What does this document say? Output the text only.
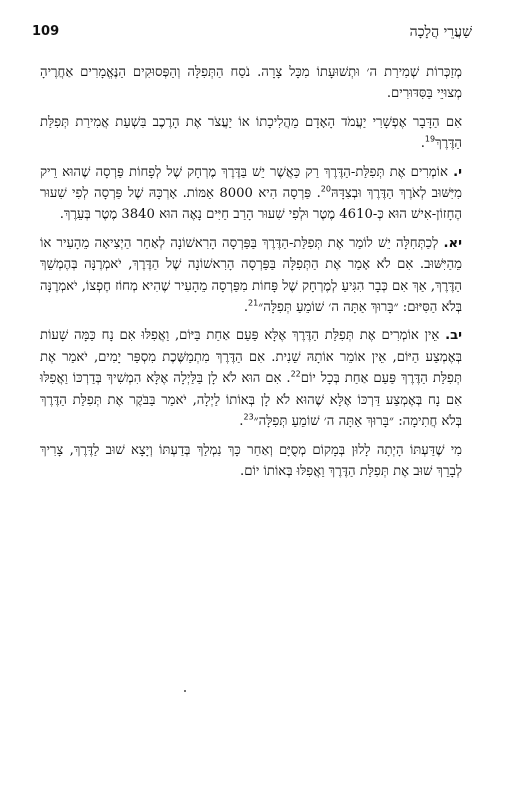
109	שַׁעֲרֵי הֲלָכָה

מְזַכְּרוֹת שְׁמִירַת ה׳ וּתְשׁוּעָתוֹ מִכָּל צָרָה. נֹסַח הַתְּפִלָּה וְהַפְּסוּקִים הַנֶּאֱמָרִים אַחֲרֶיהָ מְצוּיֵי בַּסִּדּוּרִים.

אִם הַדָּבָר אֶפְשָׁרִי יַעֲמֹד הָאָדָם מֵהֲלִיכָתוֹ אוֹ יַעֲצֹר אֶת הָרֶכֶב בִּשְׁעַת אֲמִירַת תְּפִלַּת הַדֶּרֶךְ$^{19}$.

י. אוֹמְרִים אֶת תְּפִלַּת-הַדֶּרֶךְ רַק כַּאֲשֶׁר יֵשׁ בַּדֶּרֶךְ מֶרְחָק שֶׁל לְפָחוֹת פַּרְסָה שֶׁהוּא רֵיק מִיִּשּׁוּב לְאֹרֶךְ הַדֶּרֶךְ וּבְצִדָּהּ$^{20}$. פַּרְסָה הִיא 8000 אַמּוֹת. אָרְכָּהּ שֶׁל פַּרְסָה לְפִי שִׁעוּר הֶחָזוֹן-אִישׁ הוּא כְּ-4610 מֶטֶר וּלְפִי שִׁעוּר הָרַב חַיִּים נָאֶה הוּא 3840 מֶטֶר בְּעֵרֶךְ.

יא. לְכַתְּחִלָּה יֵשׁ לוֹמַר אֶת תְּפִלַּת-הַדֶּרֶךְ בַּפַּרְסָה הָרִאשׁוֹנָה לְאַחַר הַיְצִיאָה מֵהָעִיר אוֹ מֵהַיִּשּׁוּב. אִם לֹא אָמַר אֶת הַתְּפִלָּה בַּפַּרְסָה הָרִאשׁוֹנָה שֶׁל הַדֶּרֶךְ, יֹאמְרֶנָּה בְּהֶמְשֵׁךְ הַדֶּרֶךְ, אַךְ אִם כְּבָר הִגִּיעַ לְמֶרְחָק שֶׁל פָּחוֹת מִפַּרְסָה מֵהָעִיר שֶׁהִיא מְחוֹז חֶפְצוֹ, יֹאמְרֶנָּה בְּלֹא הַסִּיּוּם: ״בָּרוּךְ אַתָּה ה׳ שׁוֹמֵעַ תְּפִלָּה״$^{21}$.

יב. אֵין אוֹמְרִים אֶת תְּפִלַּת הַדֶּרֶךְ אֶלָּא פַּעַם אַחַת בַּיּוֹם, וַאֲפִלּוּ אִם נָח כַּמָּה שָׁעוֹת בְּאֶמְצַע הַיּוֹם, אֵין אוֹמֵר אוֹתָהּ שֵׁנִית. אִם הַדֶּרֶךְ מִתְמַשֶּׁכֶת מִסְפַּר יָמִים, יֹאמַר אֶת תְּפִלַּת הַדֶּרֶךְ פַּעַם אַחַת בְּכָל יוֹם$^{22}$. אִם הוּא לֹא לָן בַּלַּיְלָה אֶלָּא הִמְשִׁיךְ בְּדַרְכּוֹ וַאֲפִלּוּ אִם נָח בְּאֶמְצַע דַּרְכּוֹ אֶלָּא שֶׁהוּא לֹא לָן בְּאוֹתוֹ לַיְלָה, יֹאמַר בַּבֹּקֶר אֶת תְּפִלַּת הַדֶּרֶךְ בְּלֹא חֲתִימָה: ״בָּרוּךְ אַתָּה ה׳ שׁוֹמֵעַ תְּפִלָּה״$^{23}$.

מִי שֶׁדַּעְתּוֹ הָיְתָה לָלוּן בְּמָקוֹם מְסֻיָּם וְאַחַר כָּךְ נִמְלַךְ בְּדַעְתּוֹ וְיָצָא שׁוּב לַדֶּרֶךְ, צָרִיךְ לְבָרֵךְ שׁוּב אֶת תְּפִלַּת הַדֶּרֶךְ וַאֲפִלּוּ בְּאוֹתוֹ יוֹם.
